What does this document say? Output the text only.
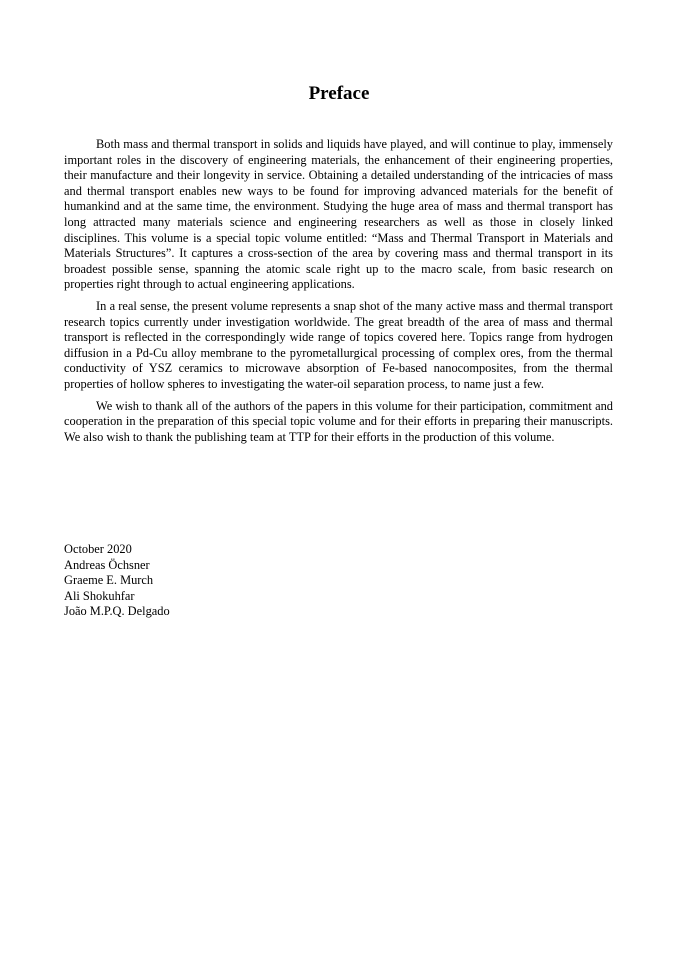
Preface

Both mass and thermal transport in solids and liquids have played, and will continue to play, immensely important roles in the discovery of engineering materials, the enhancement of their engineering properties, their manufacture and their longevity in service. Obtaining a detailed understanding of the intricacies of mass and thermal transport enables new ways to be found for improving advanced materials for the benefit of humankind and at the same time, the environment. Studying the huge area of mass and thermal transport has long attracted many materials science and engineering researchers as well as those in closely linked disciplines. This volume is a special topic volume entitled: “Mass and Thermal Transport in Materials and Materials Structures”. It captures a cross-section of the area by covering mass and thermal transport in its broadest possible sense, spanning the atomic scale right up to the macro scale, from basic research on properties right through to actual engineering applications.

In a real sense, the present volume represents a snap shot of the many active mass and thermal transport research topics currently under investigation worldwide. The great breadth of the area of mass and thermal transport is reflected in the correspondingly wide range of topics covered here. Topics range from hydrogen diffusion in a Pd-Cu alloy membrane to the pyrometallurgical processing of complex ores, from the thermal conductivity of YSZ ceramics to microwave absorption of Fe-based nanocomposites, from the thermal properties of hollow spheres to investigating the water-oil separation process, to name just a few.

We wish to thank all of the authors of the papers in this volume for their participation, commitment and cooperation in the preparation of this special topic volume and for their efforts in preparing their manuscripts. We also wish to thank the publishing team at TTP for their efforts in the production of this volume.

October 2020
Andreas Öchsner
Graeme E. Murch
Ali Shokuhfar
João M.P.Q. Delgado
